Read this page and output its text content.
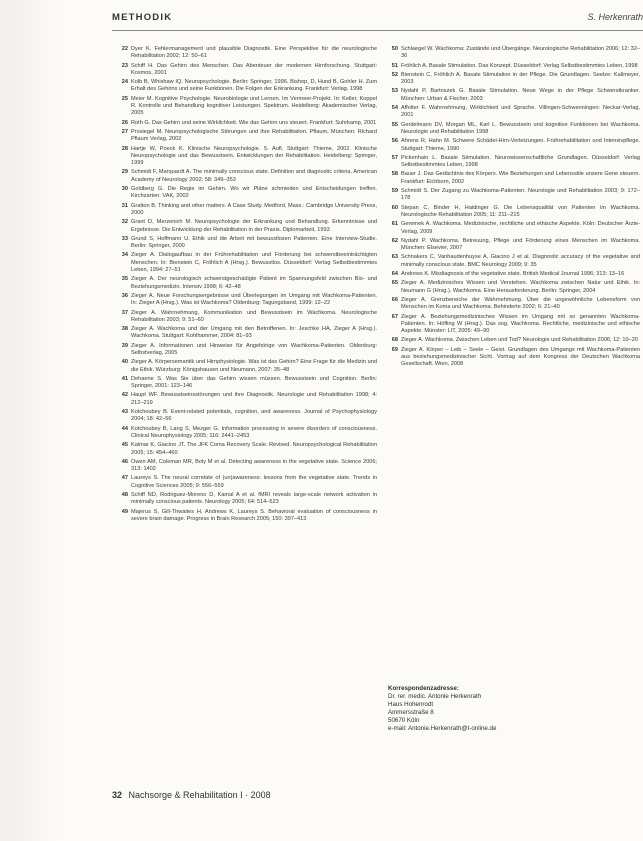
METHODIK	S. Herkenrath
22 Dyer K. Fehlermanagement und plausible Diagnostik. Eine Perspektive für die neurologische Rehabilitation 2002; 12: 50–61
23 Schiff H. Das Gehirn des Menschen. Das Abenteuer der modernen Hirnforschung. Stuttgart: Kosmos, 2001
24 Kolb B, Whishaw IQ. Neuropsychologie. Berlin: Springer, 1996. Bishop, D, Hund B, Gohler H. Zum Erhalt des Gehirns und seine Funktionen. Die Folgen der Erkrankung. Frankfurt: Verlag, 1998
25 Meier M. Kognitive Psychologie. Neurobiologie und Lernen. Im Vermeer-Projekt. In: Keller, Koppel R. Kontrolle und Behandlung kognitiver Leistungen. Spektrum. Heidelberg: Akademischer Verlag, 2005
26 Roth G. Das Gehirn und seine Wirklichkeit. Wie das Gehirn uns steuert. Frankfurt: Suhrkamp, 2001
27 Prosiegel M. Neuropsychologische Störungen und ihre Rehabilitation. Pflaum, München: Richard Pflaum Verlag, 2002
28 Hartje W, Poeck K. Klinische Neuropsychologie. 5. Aufl. Stuttgart: Thieme, 2002. Klinische Neuropsychologie und das Bewusstsein. Entwicklungen der Rehabilitation. Heidelberg: Springer, 1999
29 Schmidt F, Marquardt A. The minimally conscious state. Definition and diagnostic criteria. American Academy of Neurology 2002; 58: 349–353
30 Goldberg G. Die Regie im Gehirn. Wo wir Pläne schmieden und Entscheidungen treffen. Kirchzarten: VAK, 2002
31 Gratton B. Thinking and other matters. A Case Study. Medford, Mass.: Cambridge University Press, 2000
32 Grant D, Merzenich M. Neuropsychologie der Erkrankung und Behandlung. Erkenntnisse und Ergebnisse. Die Entwicklung der Rehabilitation in der Praxis. Diplomarbeit, 1993
33 Grund S, Hoffmann U. Ethik und die Arbeit mit bewusstlosen Patienten. Eine Interview-Studie. Berlin: Springer, 2000
34 Zieger A. Dialogaufbau in der Frührehabilitation und Förderung bei schwerstbeeinträchtigten Menschen. In: Bienstein C, Fröhlich A (Hrsg.). Bewusstlos. Düsseldorf: Verlag Selbstbestimmtes Leben, 1994: 27–51
35 Zieger A. Der neurologisch schwerstgeschädigte Patient im Spannungsfeld zwischen Bio- und Beziehungsmedizin. Intensiv 1998; 6: 42–48
36 Zieger A. Neue Forschungsergebnisse und Überlegungen im Umgang mit Wachkoma-Patienten. In: Zieger A (Hrsg.). Was ist Wachkoma? Oldenburg: Tagungsband, 1999: 12–22
37 Zieger A. Wahrnehmung, Kommunikation und Bewusstsein im Wachkoma. Neurologische Rehabilitation 2003; 9: 51–60
38 Zieger A. Wachkoma und der Umgang mit den Betroffenen. In: Jeschke HA, Zieger A (Hrsg.). Wachkoma. Stuttgart: Kohlhammer, 2004: 81–93
39 Zieger A. Informationen und Hinweise für Angehörige von Wachkoma-Patienten. Oldenburg: Selbstverlag, 2005
40 Zieger A. Körpersemantik und Hirnphysiologie. Was ist das Gehirn? Eine Frage für die Medizin und die Ethik. Würzburg: Königshausen und Neumann, 2007: 35–48
41 Dehaene S. Was Sie über das Gehirn wissen müssen. Bewusstsein und Cognition. Berlin: Springer, 2001: 123–146
42 Haupt WF. Bewusstseinsstörungen und ihre Diagnostik. Neurologie und Rehabilitation 1998; 4: 212–219
43 Kotchoubey B. Event-related potentials, cognition, and awareness. Journal of Psychophysiology 2004; 18: 42–56
44 Kotchoubey B, Lang S, Mezger G. Information processing in severe disorders of consciousness. Clinical Neurophysiology 2005; 116: 2441–2453
45 Kalmar K, Giacino JT. The JFK Coma Recovery Scale. Revised. Neuropsychological Rehabilitation 2005; 15: 454–460
46 Owen AM, Coleman MR, Boly M et al. Detecting awareness in the vegetative state. Science 2006; 313: 1402
47 Laureys S. The neural correlate of (un)awareness: lessons from the vegetative state. Trends in Cognitive Sciences 2005; 9: 556–559
48 Schiff ND, Rodriguez-Moreno D, Kamal A et al. fMRI reveals large-scale network activation in minimally conscious patients. Neurology 2005; 64: 514–523
49 Majerus S, Gill-Thwaites H, Andrews K, Laureys S. Behavioral evaluation of consciousness in severe brain damage. Progress in Brain Research 2005; 150: 397–413
50 Schlaegel W. Wachkoma: Zustände und Übergänge. Neurologische Rehabilitation 2006; 12: 32–36
51 Fröhlich A. Basale Stimulation. Das Konzept. Düsseldorf: Verlag Selbstbestimmtes Leben, 1998
52 Bienstein C, Fröhlich A. Basale Stimulation in der Pflege. Die Grundlagen. Seelze: Kallmeyer, 2003
53 Nydahl P, Bartoszek G. Basale Stimulation. Neue Wege in der Pflege Schwerstkranker. München: Urban & Fischer, 2003
54 Affolter F. Wahrnehmung, Wirklichkeit und Sprache. Villingen-Schwenningen: Neckar-Verlag, 2001
55 Gerdelmann DV, Morgan ML, Karl L. Bewusstsein und kognitive Funktionen bei Wachkoma. Neurologie und Rehabilitation 1998
56 Ahrens R, Hahn M. Schwere Schädel-Hirn-Verletzungen. Frührehabilitation und Intensivpflege. Stuttgart: Thieme, 1990
57 Pickenhain L. Basale Stimulation. Neurowissenschaftliche Grundlagen. Düsseldorf: Verlag Selbstbestimmtes Leben, 1998
58 Bauer J. Das Gedächtnis des Körpers. Wie Beziehungen und Lebensstile unsere Gene steuern. Frankfurt: Eichborn, 2002
59 Schmidt S. Der Zugang zu Wachkoma-Patienten. Neurologie und Rehabilitation 2003; 9: 172–178
60 Stepan C, Binder H, Haidinger G. Die Lebensqualität von Patienten im Wachkoma. Neurologische Rehabilitation 2005; 11: 211–215
61 Geremek A. Wachkoma. Medizinische, rechtliche und ethische Aspekte. Köln: Deutscher Ärzte-Verlag, 2009
62 Nydahl P. Wachkoma. Betreuung, Pflege und Förderung eines Menschen im Wachkoma. München: Elsevier, 2007
63 Schnakers C, Vanhaudenhuyse A, Giacino J et al. Diagnostic accuracy of the vegetative and minimally conscious state. BMC Neurology 2009; 9: 35
64 Andrews K. Misdiagnosis of the vegetative state. British Medical Journal 1996; 313: 13–16
65 Zieger A. Medizinisches Wissen und Verstehen. Wachkoma zwischen Natur und Ethik. In: Neumann G (Hrsg.). Wachkoma. Eine Herausforderung. Berlin: Springer, 2004
66 Zieger A. Grenzbereiche der Wahrnehmung. Über die ungewöhnliche Lebensform von Menschen im Koma und Wachkoma. Behinderte 2002; 6: 21–40
67 Zieger A. Beziehungsmedizinisches Wissen im Umgang mit so genannten Wachkoma-Patienten. In: Höfling W (Hrsg.). Das sog. Wachkoma. Rechtliche, medizinische und ethische Aspekte. Münster: LIT, 2005: 49–90
68 Zieger A. Wachkoma. Zwischen Leben und Tod? Neurologie und Rehabilitation 2006; 12: 10–20
69 Zieger A. Körper – Leib – Seele – Geist. Grundlagen des Umgangs mit Wachkoma-Patienten aus beziehungsmedizinischer Sicht. Vortrag auf dem Kongress der Deutschen Wachkoma Gesellschaft. Wien, 2008
Korrespondenzadresse:
Dr. rer. medic. Antonie Herkenrath
Haus Hohenrodt
Ammersstraße 8
50670 Köln
e-mail: Antonie.Herkenrath@t-online.de
32 Nachsorge & Rehabilitation I · 2008
